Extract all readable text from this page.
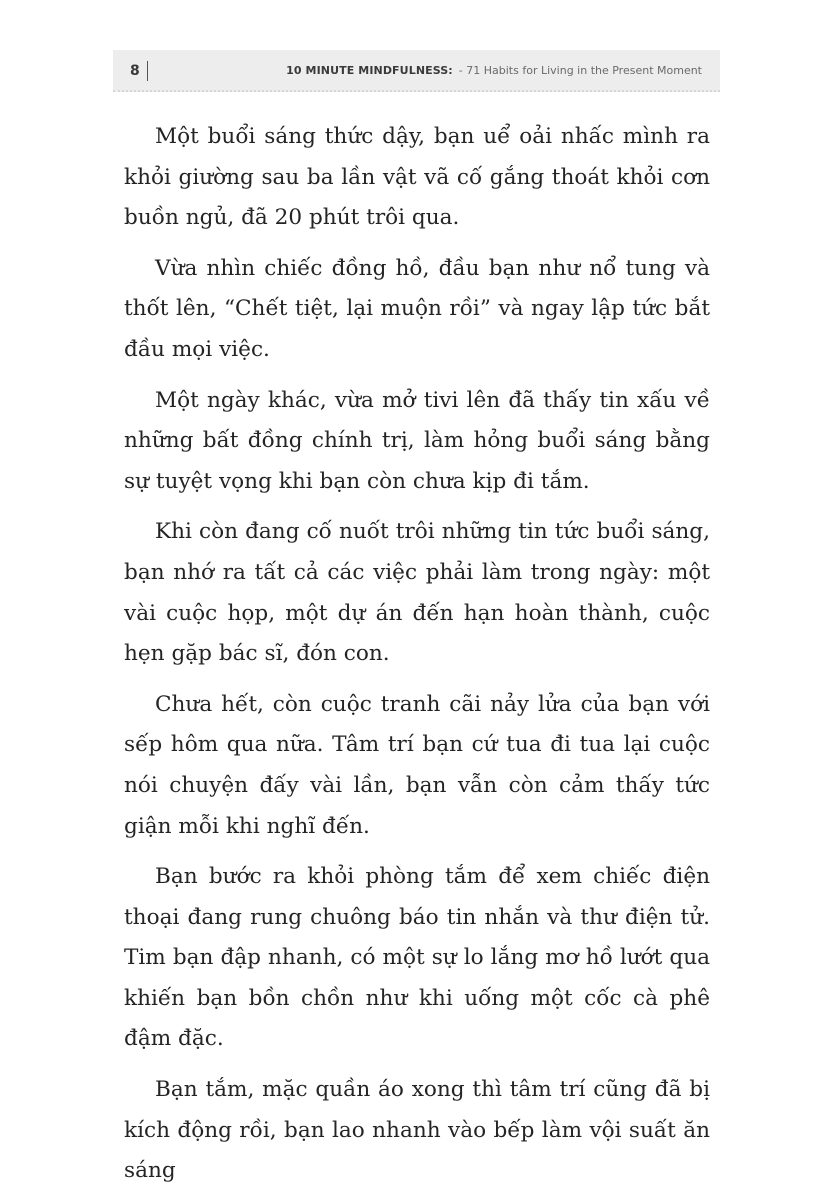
8	10 MINUTE MINDFULNESS: - 71 Habits for Living in the Present Moment

Một buổi sáng thức dậy, bạn uể oải nhấc mình ra khỏi giường sau ba lần vật vã cố gắng thoát khỏi cơn buồn ngủ, đã 20 phút trôi qua.

Vừa nhìn chiếc đồng hồ, đầu bạn như nổ tung và thốt lên, “Chết tiệt, lại muộn rồi” và ngay lập tức bắt đầu mọi việc.

Một ngày khác, vừa mở tivi lên đã thấy tin xấu về những bất đồng chính trị, làm hỏng buổi sáng bằng sự tuyệt vọng khi bạn còn chưa kịp đi tắm.

Khi còn đang cố nuốt trôi những tin tức buổi sáng, bạn nhớ ra tất cả các việc phải làm trong ngày: một vài cuộc họp, một dự án đến hạn hoàn thành, cuộc hẹn gặp bác sĩ, đón con.

Chưa hết, còn cuộc tranh cãi nảy lửa của bạn với sếp hôm qua nữa. Tâm trí bạn cứ tua đi tua lại cuộc nói chuyện đấy vài lần, bạn vẫn còn cảm thấy tức giận mỗi khi nghĩ đến.

Bạn bước ra khỏi phòng tắm để xem chiếc điện thoại đang rung chuông báo tin nhắn và thư điện tử. Tim bạn đập nhanh, có một sự lo lắng mơ hồ lướt qua khiến bạn bồn chồn như khi uống một cốc cà phê đậm đặc.

Bạn tắm, mặc quần áo xong thì tâm trí cũng đã bị kích động rồi, bạn lao nhanh vào bếp làm vội suất ăn sáng
